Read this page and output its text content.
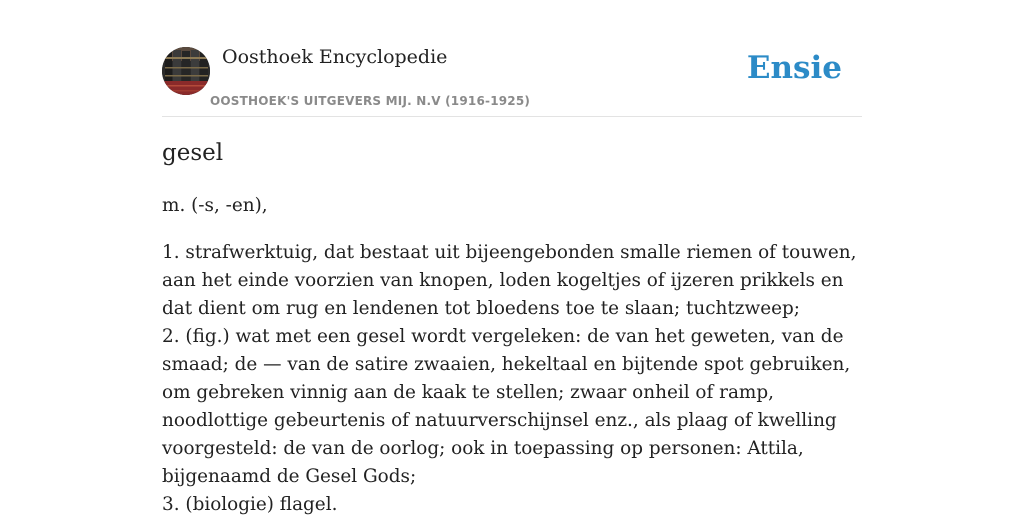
Oosthoek Encyclopedie
OOSTHOEK'S UITGEVERS MIJ. N.V (1916-1925)
Ensie
gesel

m. (-s, -en),

1. strafwerktuig, dat bestaat uit bijeengebonden smalle riemen of touwen, aan het einde voorzien van knopen, loden kogeltjes of ijzeren prikkels en dat dient om rug en lendenen tot bloedens toe te slaan; tuchtzweep;
2. (fig.) wat met een gesel wordt vergeleken: de van het geweten, van de smaad; de — van de satire zwaaien, hekeltaal en bijtende spot gebruiken, om gebreken vinnig aan de kaak te stellen; zwaar onheil of ramp, noodlottige gebeurtenis of natuurverschijnsel enz., als plaag of kwelling voorgesteld: de van de oorlog; ook in toepassing op personen: Attila, bijgenaamd de Gesel Gods;
3. (biologie) flagel.
